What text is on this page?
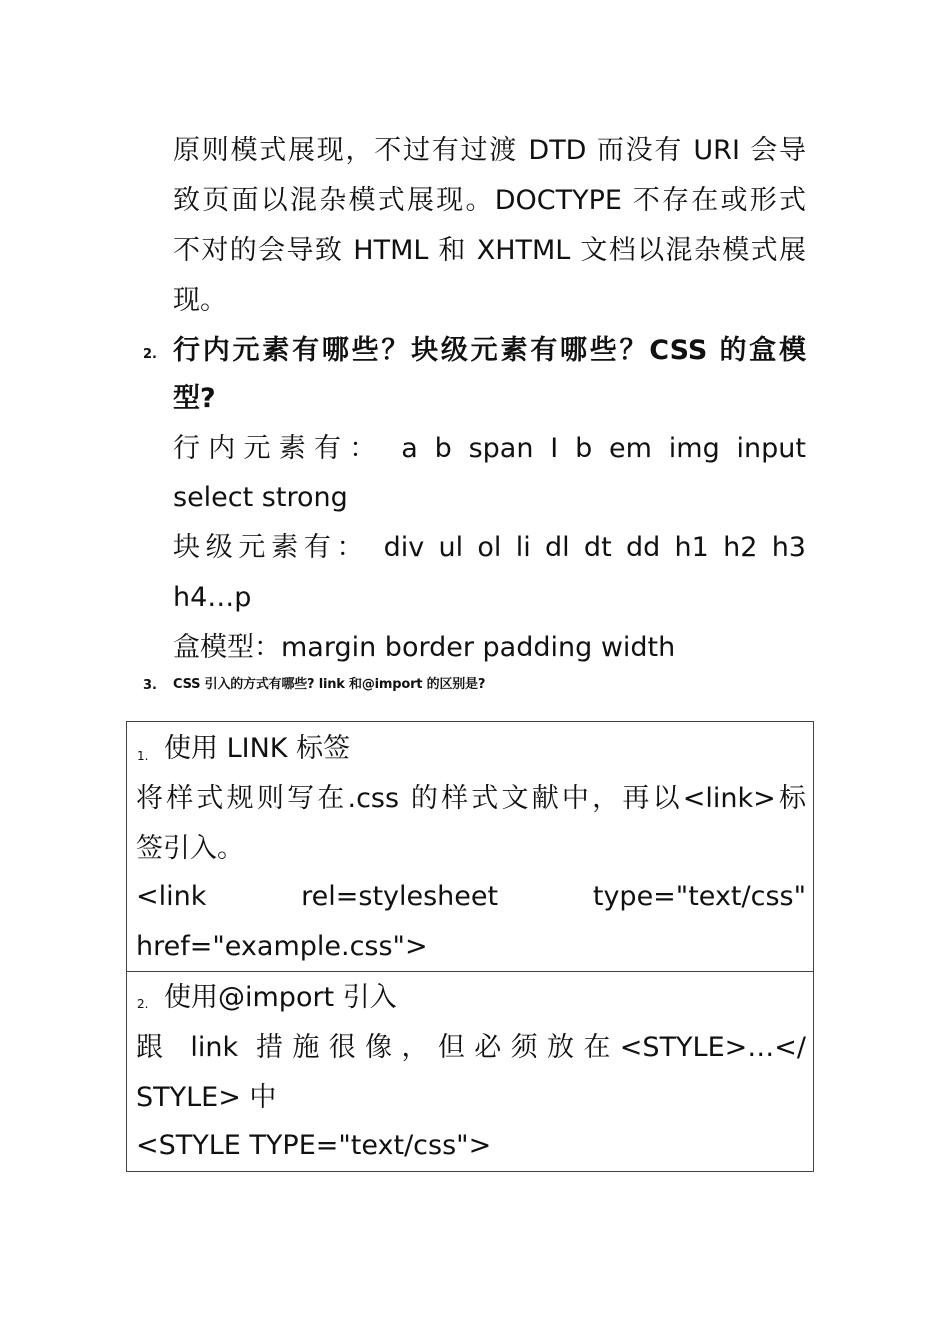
原则模式展现，不过有过渡 DTD 而没有 URI 会导
致页面以混杂模式展现。DOCTYPE 不存在或形式
不对的会导致 HTML 和 XHTML 文档以混杂模式展
现。
2. 行内元素有哪些？块级元素有哪些？CSS 的盒模
型?
行内元素有： a b span I b em img input
select strong
块级元素有： div ul ol li dl dt dd h1 h2 h3
h4…p
盒模型：margin border padding width
3. CSS 引入的方式有哪些? link 和@import 的区别是?
1. 使用 LINK 标签
将样式规则写在.css 的样式文献中，再以<link>标
签引入。
<link rel=stylesheet type="text/css"
href="example.css">
2. 使用@import 引入
跟 link 措施很像，但必须放在<STYLE>…</
STYLE> 中
<STYLE TYPE="text/css">
